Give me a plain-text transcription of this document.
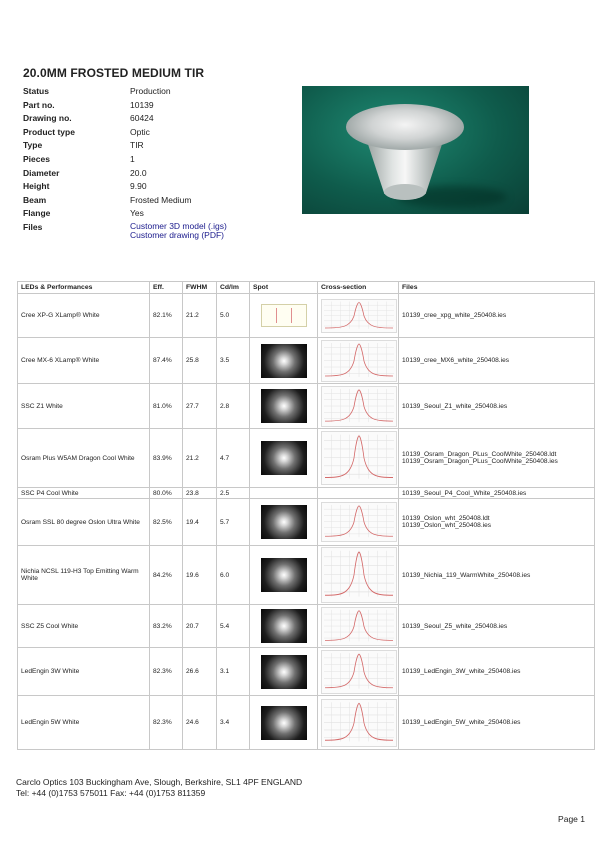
20.0MM FROSTED MEDIUM TIR
Status	Production
Part no.	10139
Drawing no.	60424
Product type	Optic
Type	TIR
Pieces	1
Diameter	20.0
Height	9.90
Beam	Frosted Medium
Flange	Yes
Files	Customer 3D model (.igs)
Customer drawing (PDF)
LEDs & Performances	Eff.	FWHM	Cd/lm	Spot	Cross-section	Files
Cree XP-G XLamp® White	82.1%	21.2	5.0			10139_cree_xpg_white_250408.ies

Cree MX-6 XLamp® White	87.4%	25.8	3.5			10139_cree_MX6_white_250408.ies

SSC Z1 White	81.0%	27.7	2.8			10139_Seoul_Z1_white_250408.ies

Osram Plus W5AM Dragon Cool White	83.9%	21.2	4.7			10139_Osram_Dragon_PLus_CoolWhite_250408.ldt
10139_Osram_Dragon_PLus_CoolWhite_250408.ies

SSC P4 Cool White	80.0%	23.8	2.5			10139_Seoul_P4_Cool_White_250408.ies

Osram SSL 80 degree Oslon Ultra White	82.5%	19.4	5.7			10139_Oslon_wht_250408.ldt
10139_Oslon_wht_250408.ies

Nichia NCSL 119-H3 Top Emitting Warm White	84.2%	19.6	6.0			10139_Nichia_119_WarmWhite_250408.ies

SSC Z5 Cool White	83.2%	20.7	5.4			10139_Seoul_Z5_white_250408.ies

LedEngin 3W White	82.3%	26.6	3.1			10139_LedEngin_3W_white_250408.ies

LedEngin 5W White	82.3%	24.6	3.4			10139_LedEngin_5W_white_250408.ies
Carclo Optics 103 Buckingham Ave, Slough, Berkshire, SL1 4PF ENGLAND
Tel: +44 (0)1753 575011 Fax: +44 (0)1753 811359
Page 1
